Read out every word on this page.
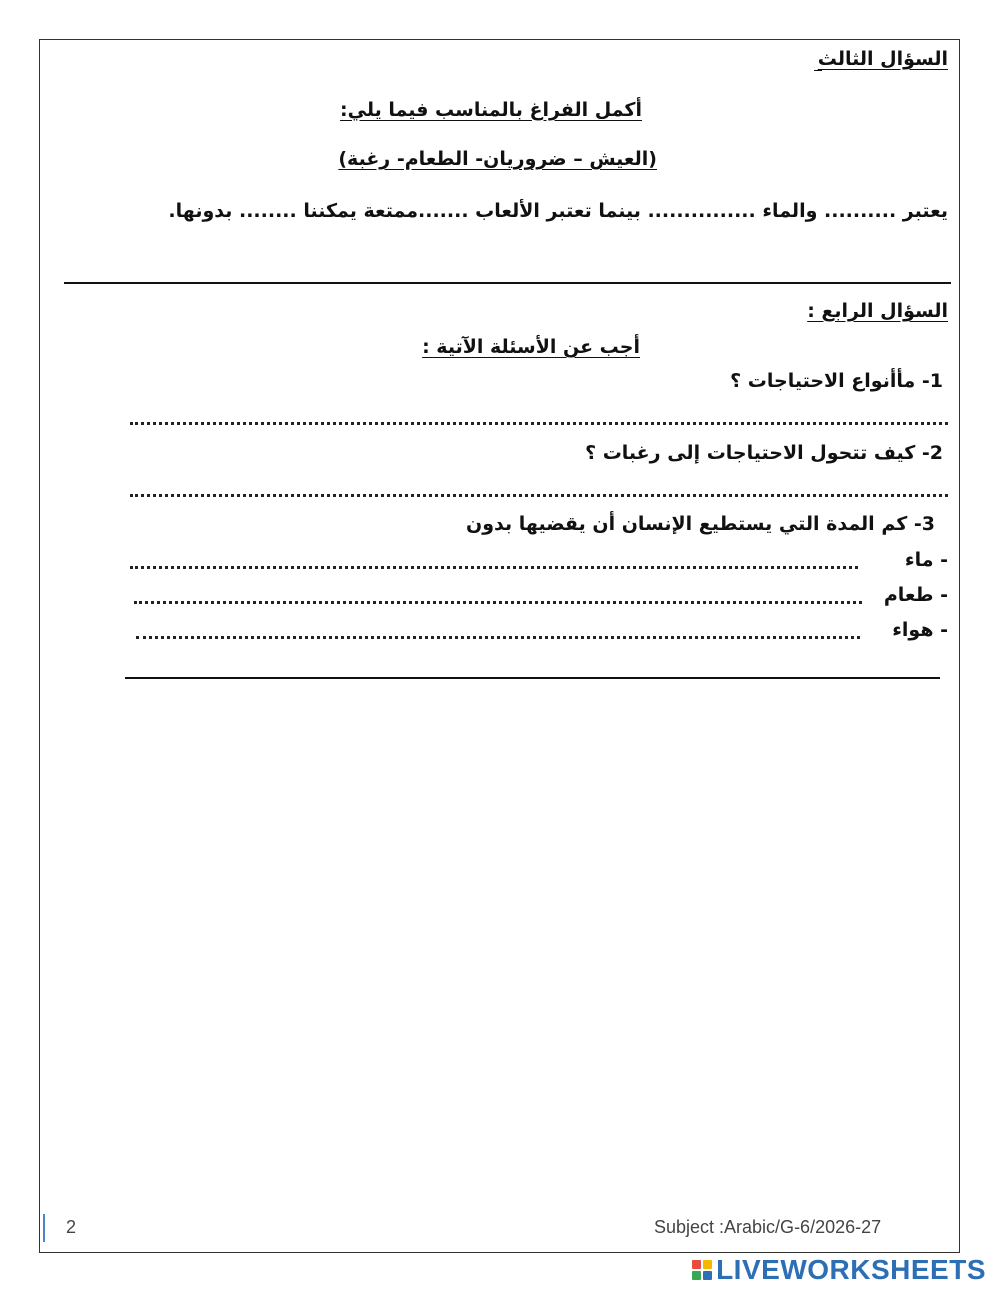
السؤال الثالث
أكمل الفراغ بالمناسب فيما يلي:
(العيش – ضروريان- الطعام- رغبة)
يعتبر .......... والماء ............... بينما تعتبر الألعاب .......ممتعة يمكننا ........ بدونها.
السؤال الرابع :
أجب عن الأسئلة الآتية :
1- مأأنواع الاحتياجات ؟
2- كيف تتحول الاحتياجات إلى رغبات ؟
3- كم المدة التي يستطيع الإنسان أن يقضيها بدون
- ماء
- طعام
- هواء
2	Subject :Arabic/G-6/2026-27
LIVEWORKSHEETS
